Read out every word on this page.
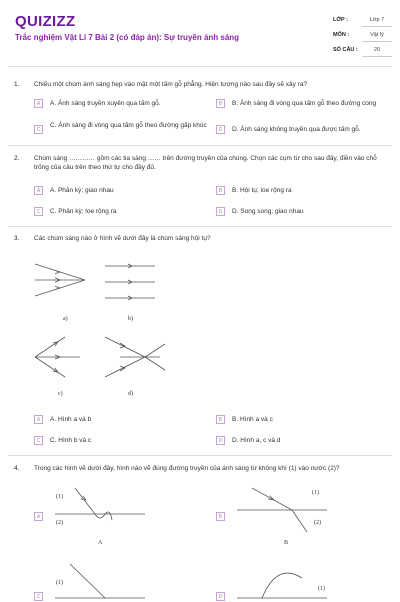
QUIZIZZ
Trắc nghiệm Vật Lí 7 Bài 2 (có đáp án): Sự truyền ánh sáng
LỚP :	Lớp 7
MÔN :	Vật lý
SỐ CÂU :	20
1. Chiếu một chùm ánh sáng hẹp vào mặt một tấm gỗ phẳng. Hiện tượng nào sau đây sẽ xảy ra?
A	A. Ánh sáng truyền xuyên qua tấm gỗ.	B	B. Ánh sáng đi vòng qua tấm gỗ theo đường cong
C
C. Ánh sáng đi vòng qua tấm gỗ theo đường gấp khúc
D	D. Ánh sáng không truyền qua được tấm gỗ.
2. Chùm sáng ………… gồm các tia sáng …… trên đường truyền của chúng. Chọn các cụm từ cho sau đây, điền vào chỗ trống của câu trên theo thứ tự cho đầy đủ.
A	A. Phân kỳ; giao nhau	B	B. Hội tụ; loe rộng ra
C	C. Phân kỳ; loe rộng ra	D	D. Song song; giao nhau
3. Các chùm sáng nào ở hình vẽ dưới đây là chùm sáng hội tụ?
a)	b)
c)	d)
A	A. Hình a và b	B	B. Hình a và c
C	C. Hình b và c	D	D. Hình a, c và d
4. Trong các hình vẽ dưới đây, hình nào vẽ đúng đường truyền của ánh sáng từ không khí (1) vào nước (2)?
A
(1)
(2)
A
B
(1)
(2)
B
C
(1)
D
(1)
